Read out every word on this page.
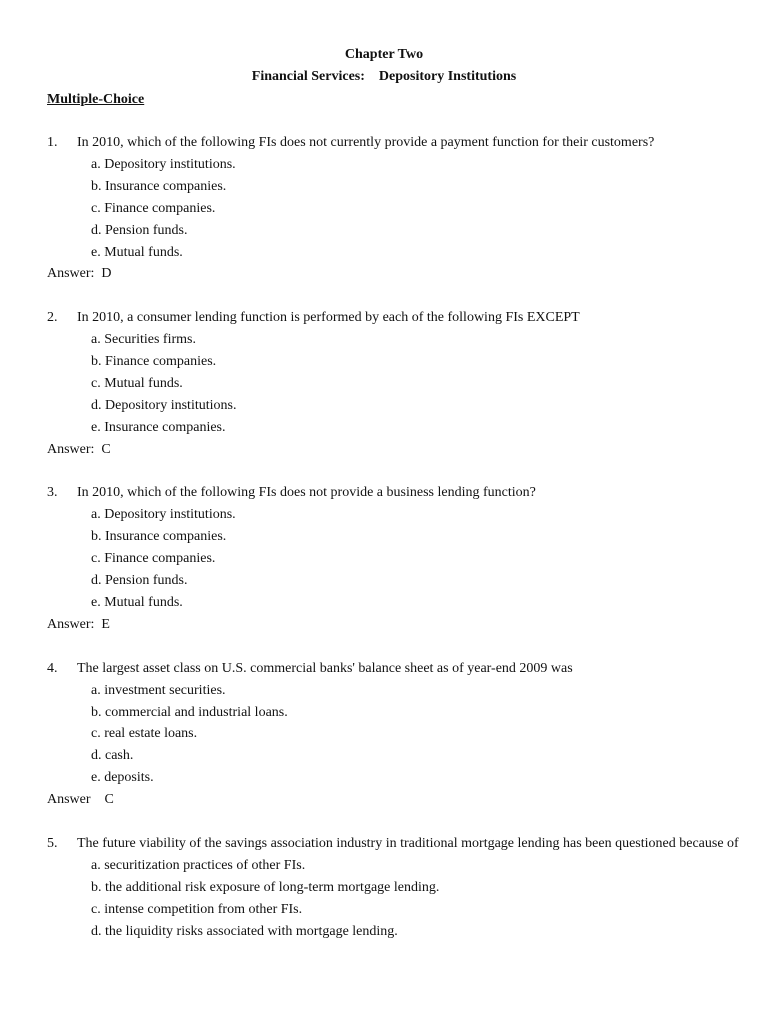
Chapter Two
Financial Services:    Depository Institutions
Multiple-Choice
1.	In 2010, which of the following FIs does not currently provide a payment function for their customers?
a. Depository institutions.
b. Insurance companies.
c. Finance companies.
d. Pension funds.
e. Mutual funds.
Answer:  D
2.	In 2010, a consumer lending function is performed by each of the following FIs EXCEPT
a. Securities firms.
b. Finance companies.
c. Mutual funds.
d. Depository institutions.
e. Insurance companies.
Answer:  C
3.	In 2010, which of the following FIs does not provide a business lending function?
a. Depository institutions.
b. Insurance companies.
c. Finance companies.
d. Pension funds.
e. Mutual funds.
Answer:  E
4.	The largest asset class on U.S. commercial banks' balance sheet as of year-end 2009 was
a. investment securities.
b. commercial and industrial loans.
c. real estate loans.
d. cash.
e. deposits.
Answer    C
5.	The future viability of the savings association industry in traditional mortgage lending has been questioned because of
a. securitization practices of other FIs.
b. the additional risk exposure of long-term mortgage lending.
c. intense competition from other FIs.
d. the liquidity risks associated with mortgage lending.
